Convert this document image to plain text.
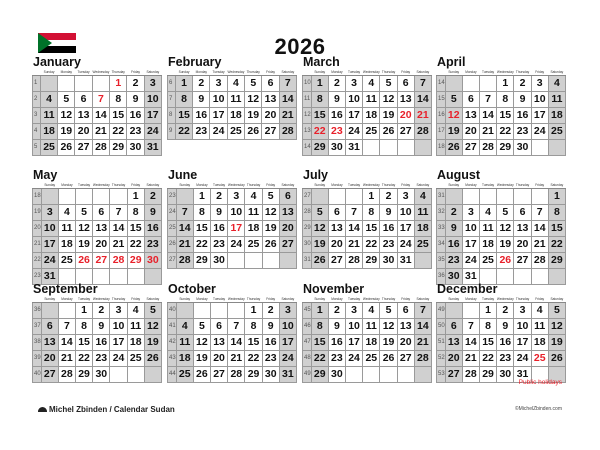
2026
January
	Sunday	Monday	Tuesday	Wednesday	Thursday	Friday	Saturday
1					1	2	3
2	4	5	6	7	8	9	10
3	11	12	13	14	15	16	17
4	18	19	20	21	22	23	24
5	25	26	27	28	29	30	31
February
	Sunday	Monday	Tuesday	Wednesday	Thursday	Friday	Saturday
6	1	2	3	4	5	6	7
7	8	9	10	11	12	13	14
8	15	16	17	18	19	20	21
9	22	23	24	25	26	27	28
March
	Sunday	Monday	Tuesday	Wednesday	Thursday	Friday	Saturday
10	1	2	3	4	5	6	7
11	8	9	10	11	12	13	14
12	15	16	17	18	19	20	21
13	22	23	24	25	26	27	28
14	29	30	31				
April
	Sunday	Monday	Tuesday	Wednesday	Thursday	Friday	Saturday
14				1	2	3	4
15	5	6	7	8	9	10	11
16	12	13	14	15	16	17	18
17	19	20	21	22	23	24	25
18	26	27	28	29	30		
May
	Sunday	Monday	Tuesday	Wednesday	Thursday	Friday	Saturday
18						1	2
19	3	4	5	6	7	8	9
20	10	11	12	13	14	15	16
21	17	18	19	20	21	22	23
22	24	25	26	27	28	29	30
23	31						
June
	Sunday	Monday	Tuesday	Wednesday	Thursday	Friday	Saturday
23		1	2	3	4	5	6
24	7	8	9	10	11	12	13
25	14	15	16	17	18	19	20
26	21	22	23	24	25	26	27
27	28	29	30				
July
	Sunday	Monday	Tuesday	Wednesday	Thursday	Friday	Saturday
27				1	2	3	4
28	5	6	7	8	9	10	11
29	12	13	14	15	16	17	18
30	19	20	21	22	23	24	25
31	26	27	28	29	30	31	
August
	Sunday	Monday	Tuesday	Wednesday	Thursday	Friday	Saturday
31							1
32	2	3	4	5	6	7	8
33	9	10	11	12	13	14	15
34	16	17	18	19	20	21	22
35	23	24	25	26	27	28	29
36	30	31					
September
	Sunday	Monday	Tuesday	Wednesday	Thursday	Friday	Saturday
36			1	2	3	4	5
37	6	7	8	9	10	11	12
38	13	14	15	16	17	18	19
39	20	21	22	23	24	25	26
40	27	28	29	30			
October
	Sunday	Monday	Tuesday	Wednesday	Thursday	Friday	Saturday
40					1	2	3
41	4	5	6	7	8	9	10
42	11	12	13	14	15	16	17
43	18	19	20	21	22	23	24
44	25	26	27	28	29	30	31
November
	Sunday	Monday	Tuesday	Wednesday	Thursday	Friday	Saturday
45	1	2	3	4	5	6	7
46	8	9	10	11	12	13	14
47	15	16	17	18	19	20	21
48	22	23	24	25	26	27	28
49	29	30					
December
	Sunday	Monday	Tuesday	Wednesday	Thursday	Friday	Saturday
49			1	2	3	4	5
50	6	7	8	9	10	11	12
51	13	14	15	16	17	18	19
52	20	21	22	23	24	25	26
53	27	28	29	30	31		
Public holidays
Michel Zbinden / Calendar Sudan	©MichelZbinden.com
